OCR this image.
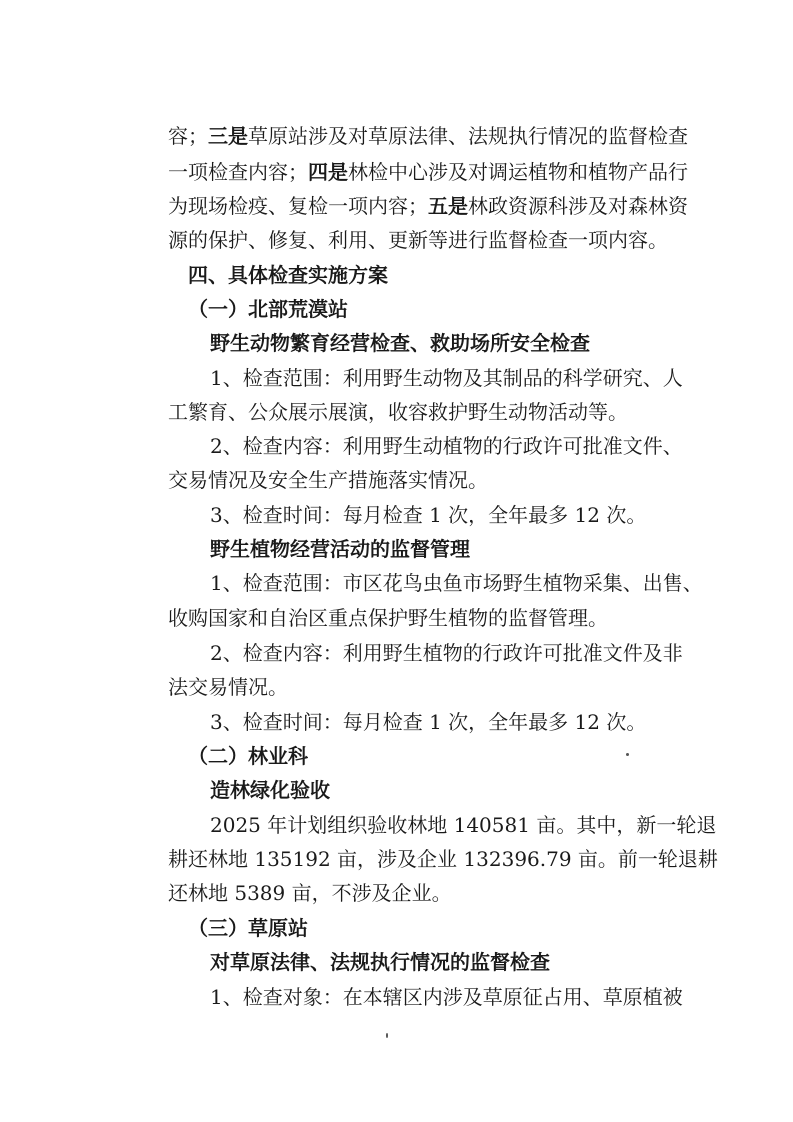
容；三是草原站涉及对草原法律、法规执行情况的监督检查
一项检查内容；四是林检中心涉及对调运植物和植物产品行
为现场检疫、复检一项内容；五是林政资源科涉及对森林资
源的保护、修复、利用、更新等进行监督检查一项内容。
四、具体检查实施方案
（一）北部荒漠站
野生动物繁育经营检查、救助场所安全检查
1、检查范围：利用野生动物及其制品的科学研究、人
工繁育、公众展示展演，收容救护野生动物活动等。
2、检查内容：利用野生动植物的行政许可批准文件、
交易情况及安全生产措施落实情况。
3、检查时间：每月检查 1 次，全年最多 12 次。
野生植物经营活动的监督管理
1、检查范围：市区花鸟虫鱼市场野生植物采集、出售、
收购国家和自治区重点保护野生植物的监督管理。
2、检查内容：利用野生植物的行政许可批准文件及非
法交易情况。
3、检查时间：每月检查 1 次，全年最多 12 次。
（二）林业科
造林绿化验收
2025 年计划组织验收林地 140581 亩。其中，新一轮退
耕还林地 135192 亩，涉及企业 132396.79 亩。前一轮退耕
还林地 5389 亩，不涉及企业。
（三）草原站
对草原法律、法规执行情况的监督检查
1、检查对象：在本辖区内涉及草原征占用、草原植被
